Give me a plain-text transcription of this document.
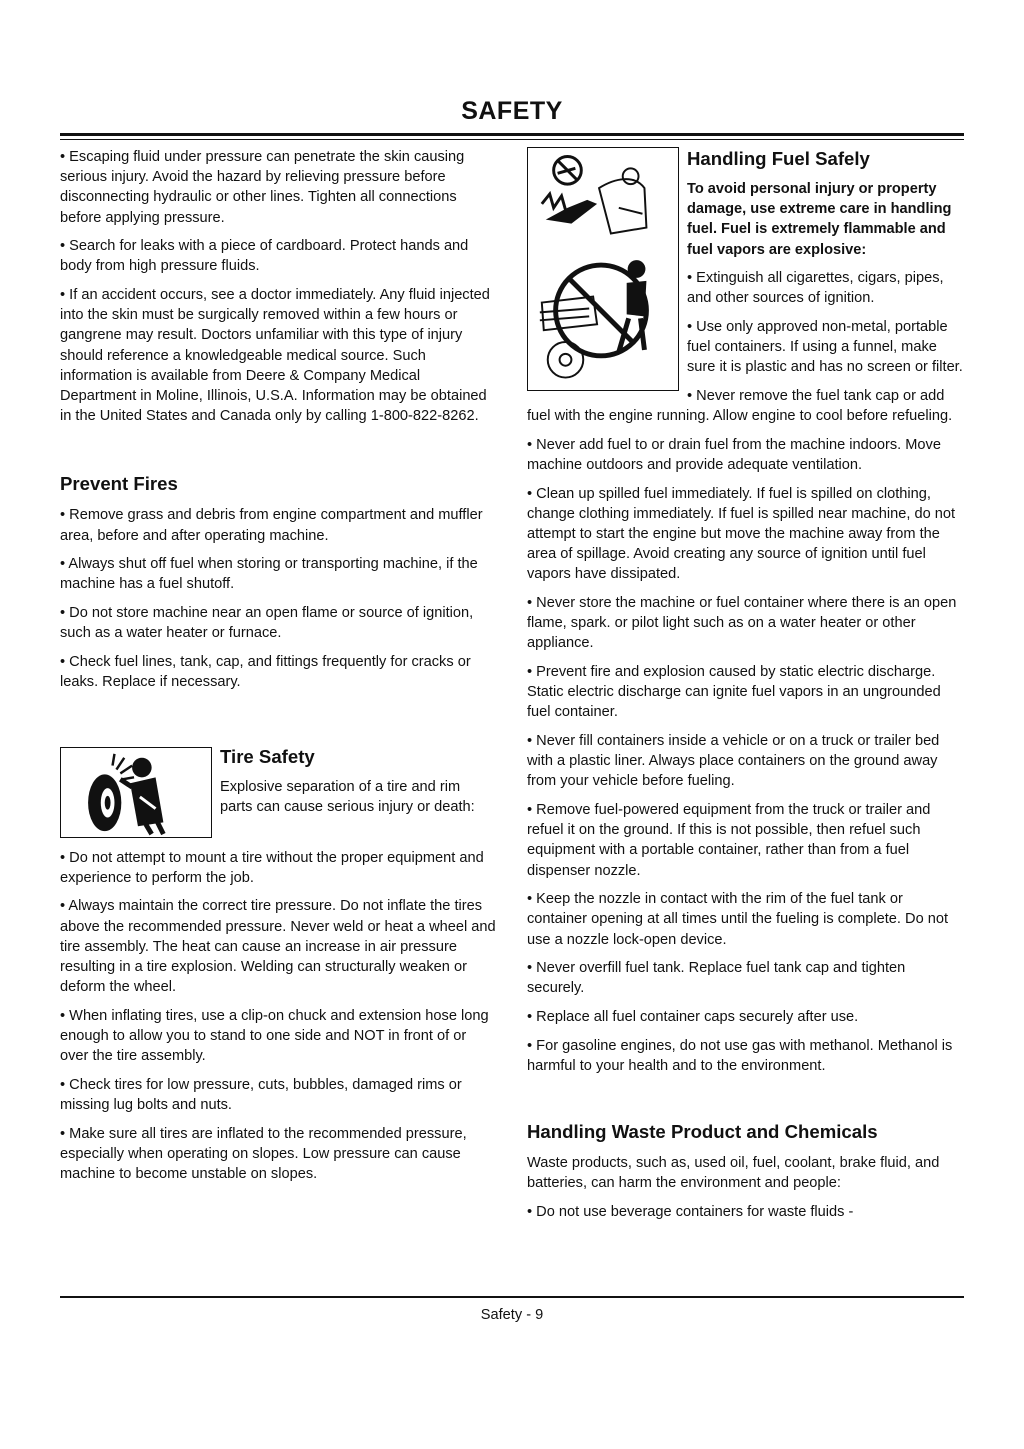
SAFETY

• Escaping fluid under pressure can penetrate the skin causing serious injury. Avoid the hazard by relieving pressure before disconnecting hydraulic or other lines. Tighten all connections before applying pressure.

• Search for leaks with a piece of cardboard. Protect hands and body from high pressure fluids.

• If an accident occurs, see a doctor immediately. Any fluid injected into the skin must be surgically removed within a few hours or gangrene may result. Doctors unfamiliar with this type of injury should reference a knowledgeable medical source. Such information is available from Deere & Company Medical Department in Moline, Illinois, U.S.A. Information may be obtained in the United States and Canada only by calling 1-800-822-8262.

Prevent Fires

• Remove grass and debris from engine compartment and muffler area, before and after operating machine.

• Always shut off fuel when storing or transporting machine, if the machine has a fuel shutoff.

• Do not store machine near an open flame or source of ignition, such as a water heater or furnace.

• Check fuel lines, tank, cap, and fittings frequently for cracks or leaks. Replace if necessary.

Tire Safety

Explosive separation of a tire and rim parts can cause serious injury or death:

• Do not attempt to mount a tire without the proper equipment and experience to perform the job.

• Always maintain the correct tire pressure. Do not inflate the tires above the recommended pressure. Never weld or heat a wheel and tire assembly. The heat can cause an increase in air pressure resulting in a tire explosion. Welding can structurally weaken or deform the wheel.

• When inflating tires, use a clip-on chuck and extension hose long enough to allow you to stand to one side and NOT in front of or over the tire assembly.

• Check tires for low pressure, cuts, bubbles, damaged rims or missing lug bolts and nuts.

• Make sure all tires are inflated to the recommended pressure, especially when operating on slopes. Low pressure can cause machine to become unstable on slopes.

Handling Fuel Safely

To avoid personal injury or property damage, use extreme care in handling fuel. Fuel is extremely flammable and fuel vapors are explosive:

• Extinguish all cigarettes, cigars, pipes, and other sources of ignition.

• Use only approved non-metal, portable fuel containers. If using a funnel, make sure it is plastic and has no screen or filter.

• Never remove the fuel tank cap or add fuel with the engine running. Allow engine to cool before refueling.

• Never add fuel to or drain fuel from the machine indoors. Move machine outdoors and provide adequate ventilation.

• Clean up spilled fuel immediately. If fuel is spilled on clothing, change clothing immediately. If fuel is spilled near machine, do not attempt to start the engine but move the machine away from the area of spillage. Avoid creating any source of ignition until fuel vapors have dissipated.

• Never store the machine or fuel container where there is an open flame, spark. or pilot light such as on a water heater or other appliance.

• Prevent fire and explosion caused by static electric discharge. Static electric discharge can ignite fuel vapors in an ungrounded fuel container.

• Never fill containers inside a vehicle or on a truck or trailer bed with a plastic liner. Always place containers on the ground away from your vehicle before fueling.

• Remove fuel-powered equipment from the truck or trailer and refuel it on the ground. If this is not possible, then refuel such equipment with a portable container, rather than from a fuel dispenser nozzle.

• Keep the nozzle in contact with the rim of the fuel tank or container opening at all times until the fueling is complete. Do not use a nozzle lock-open device.

• Never overfill fuel tank. Replace fuel tank cap and tighten securely.

• Replace all fuel container caps securely after use.

• For gasoline engines, do not use gas with methanol. Methanol is harmful to your health and to the environment.

Handling Waste Product and Chemicals

Waste products, such as, used oil, fuel, coolant, brake fluid, and batteries, can harm the environment and people:

• Do not use beverage containers for waste fluids -

Safety - 9
